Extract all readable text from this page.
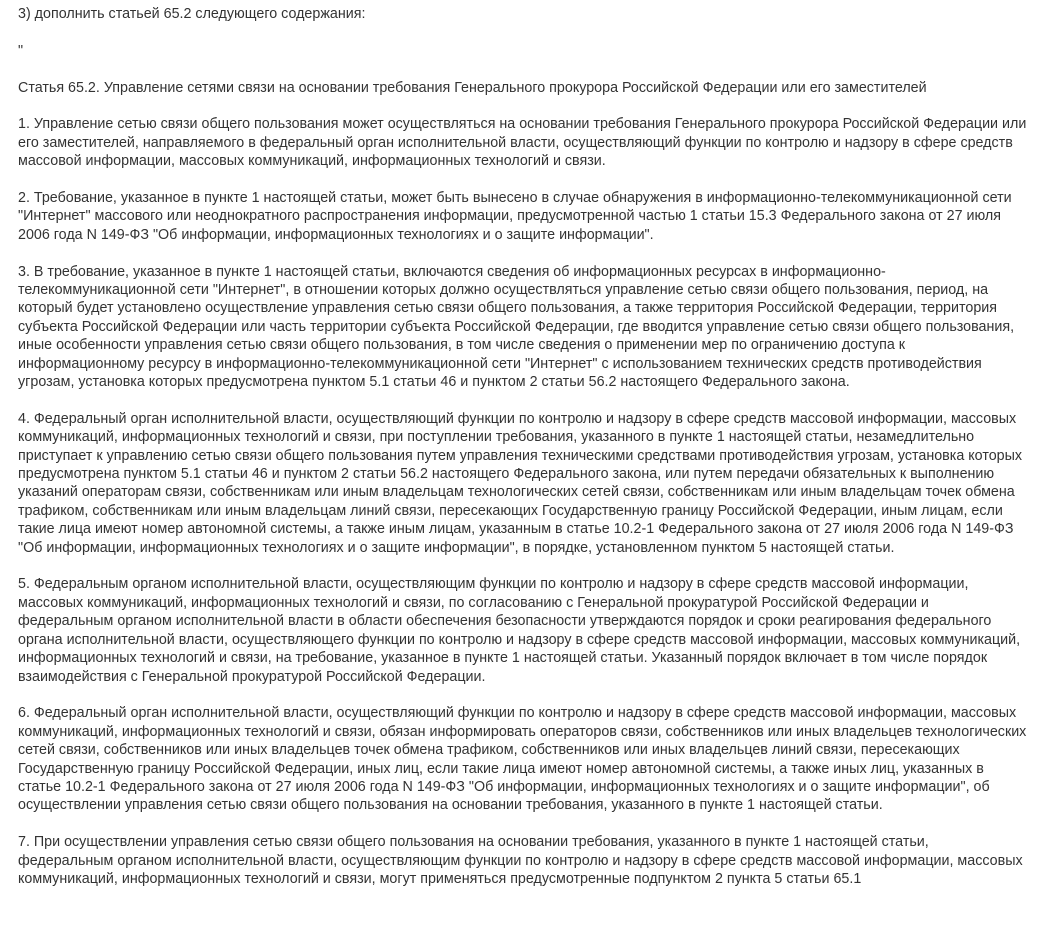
3) дополнить статьей 65.2 следующего содержания:

"

Статья 65.2. Управление сетями связи на основании требования Генерального прокурора Российской Федерации или его заместителей

1. Управление сетью связи общего пользования может осуществляться на основании требования Генерального прокурора Российской Федерации или его заместителей, направляемого в федеральный орган исполнительной власти, осуществляющий функции по контролю и надзору в сфере средств массовой информации, массовых коммуникаций, информационных технологий и связи.

2. Требование, указанное в пункте 1 настоящей статьи, может быть вынесено в случае обнаружения в информационно-телекоммуникационной сети "Интернет" массового или неоднократного распространения информации, предусмотренной частью 1 статьи 15.3 Федерального закона от 27 июля 2006 года N 149-ФЗ "Об информации, информационных технологиях и о защите информации".

3. В требование, указанное в пункте 1 настоящей статьи, включаются сведения об информационных ресурсах в информационно-телекоммуникационной сети "Интернет", в отношении которых должно осуществляться управление сетью связи общего пользования, период, на который будет установлено осуществление управления сетью связи общего пользования, а также территория Российской Федерации, территория субъекта Российской Федерации или часть территории субъекта Российской Федерации, где вводится управление сетью связи общего пользования, иные особенности управления сетью связи общего пользования, в том числе сведения о применении мер по ограничению доступа к информационному ресурсу в информационно-телекоммуникационной сети "Интернет" с использованием технических средств противодействия угрозам, установка которых предусмотрена пунктом 5.1 статьи 46 и пунктом 2 статьи 56.2 настоящего Федерального закона.

4. Федеральный орган исполнительной власти, осуществляющий функции по контролю и надзору в сфере средств массовой информации, массовых коммуникаций, информационных технологий и связи, при поступлении требования, указанного в пункте 1 настоящей статьи, незамедлительно приступает к управлению сетью связи общего пользования путем управления техническими средствами противодействия угрозам, установка которых предусмотрена пунктом 5.1 статьи 46 и пунктом 2 статьи 56.2 настоящего Федерального закона, или путем передачи обязательных к выполнению указаний операторам связи, собственникам или иным владельцам технологических сетей связи, собственникам или иным владельцам точек обмена трафиком, собственникам или иным владельцам линий связи, пересекающих Государственную границу Российской Федерации, иным лицам, если такие лица имеют номер автономной системы, а также иным лицам, указанным в статье 10.2-1 Федерального закона от 27 июля 2006 года N 149-ФЗ "Об информации, информационных технологиях и о защите информации", в порядке, установленном пунктом 5 настоящей статьи.

5. Федеральным органом исполнительной власти, осуществляющим функции по контролю и надзору в сфере средств массовой информации, массовых коммуникаций, информационных технологий и связи, по согласованию с Генеральной прокуратурой Российской Федерации и федеральным органом исполнительной власти в области обеспечения безопасности утверждаются порядок и сроки реагирования федерального органа исполнительной власти, осуществляющего функции по контролю и надзору в сфере средств массовой информации, массовых коммуникаций, информационных технологий и связи, на требование, указанное в пункте 1 настоящей статьи. Указанный порядок включает в том числе порядок взаимодействия с Генеральной прокуратурой Российской Федерации.

6. Федеральный орган исполнительной власти, осуществляющий функции по контролю и надзору в сфере средств массовой информации, массовых коммуникаций, информационных технологий и связи, обязан информировать операторов связи, собственников или иных владельцев технологических сетей связи, собственников или иных владельцев точек обмена трафиком, собственников или иных владельцев линий связи, пересекающих Государственную границу Российской Федерации, иных лиц, если такие лица имеют номер автономной системы, а также иных лиц, указанных в статье 10.2-1 Федерального закона от 27 июля 2006 года N 149-ФЗ "Об информации, информационных технологиях и о защите информации", об осуществлении управления сетью связи общего пользования на основании требования, указанного в пункте 1 настоящей статьи.

7. При осуществлении управления сетью связи общего пользования на основании требования, указанного в пункте 1 настоящей статьи, федеральным органом исполнительной власти, осуществляющим функции по контролю и надзору в сфере средств массовой информации, массовых коммуникаций, информационных технологий и связи, могут применяться предусмотренные подпунктом 2 пункта 5 статьи 65.1
